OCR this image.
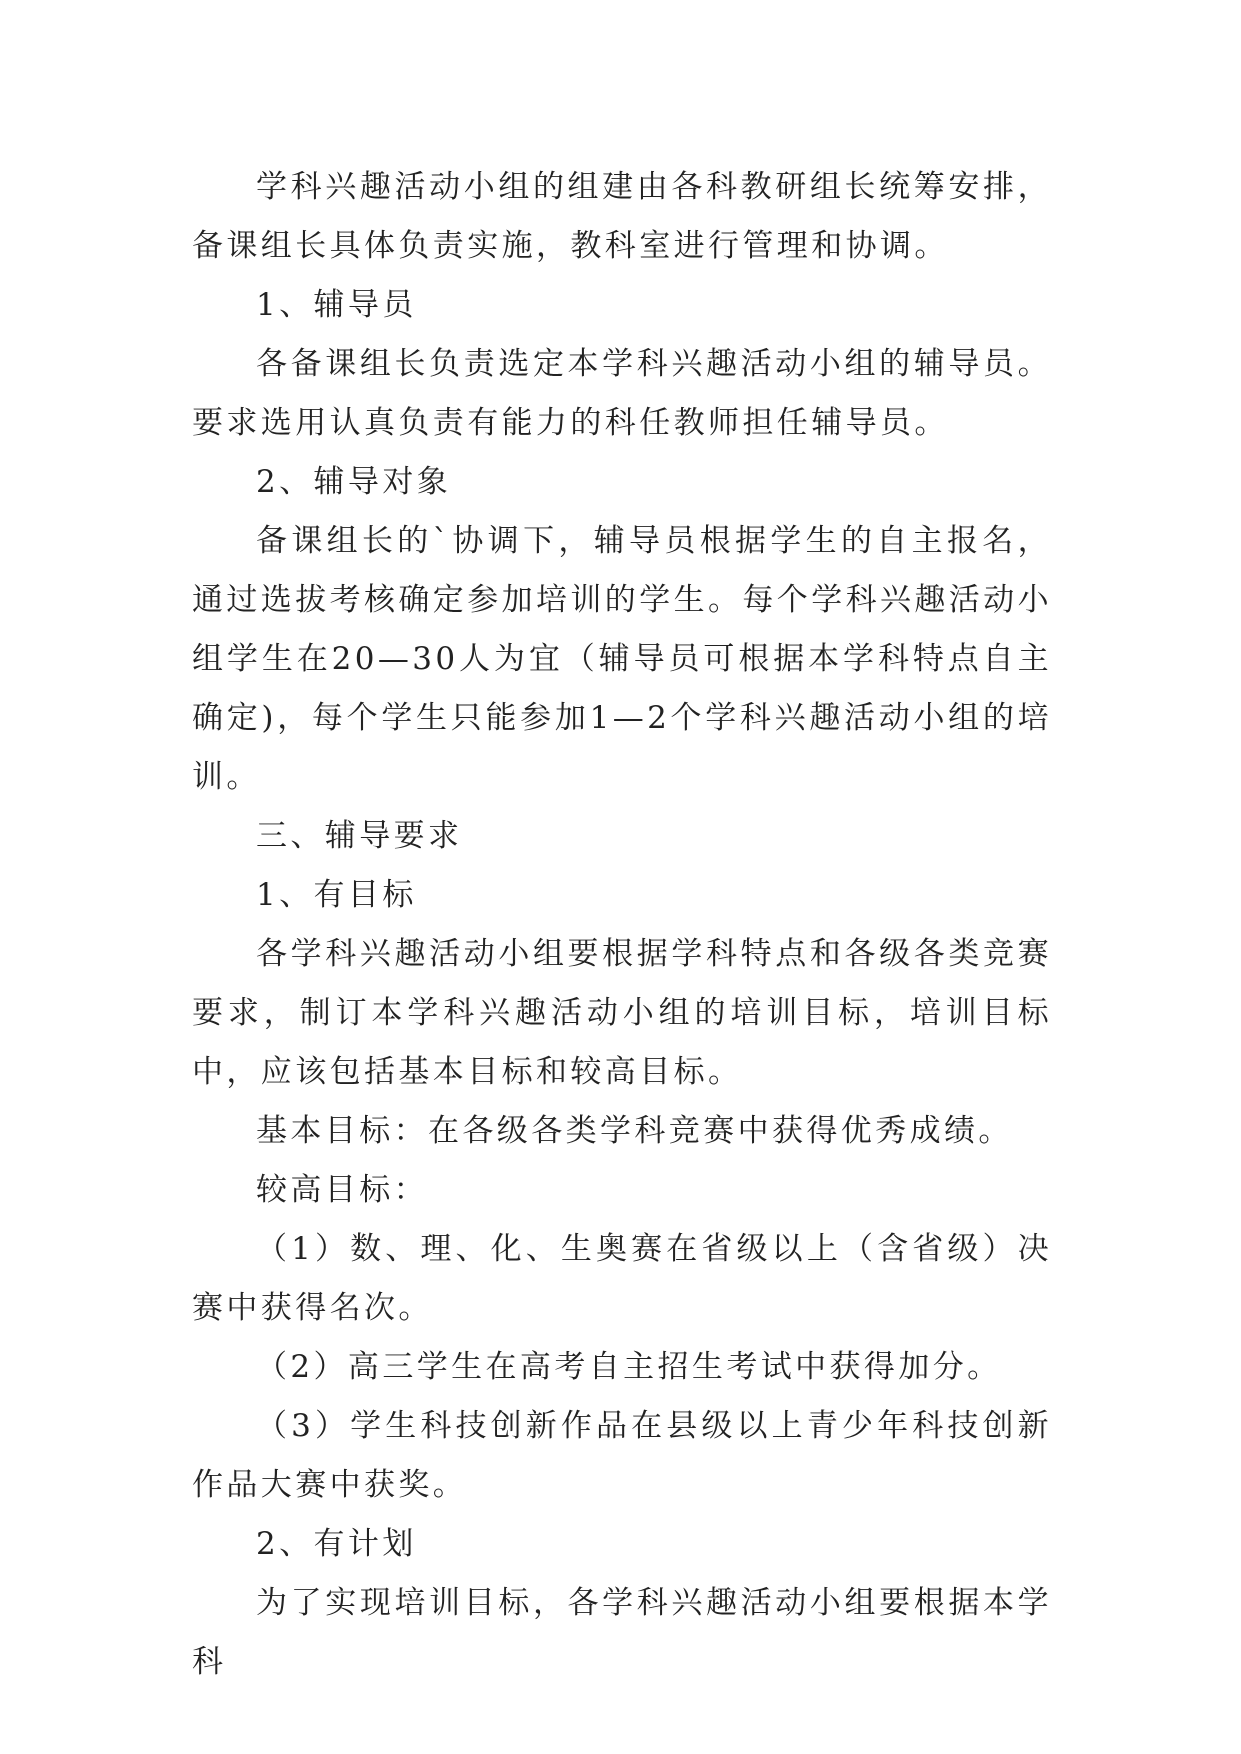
学科兴趣活动小组的组建由各科教研组长统筹安排，备课组长具体负责实施，教科室进行管理和协调。

1、辅导员

各备课组长负责选定本学科兴趣活动小组的辅导员。要求选用认真负责有能力的科任教师担任辅导员。

2、辅导对象

备课组长的`协调下，辅导员根据学生的自主报名，通过选拔考核确定参加培训的学生。每个学科兴趣活动小组学生在20—30人为宜（辅导员可根据本学科特点自主确定)，每个学生只能参加1—2个学科兴趣活动小组的培训。

三、辅导要求

1、有目标

各学科兴趣活动小组要根据学科特点和各级各类竞赛要求，制订本学科兴趣活动小组的培训目标，培训目标中，应该包括基本目标和较高目标。

基本目标：在各级各类学科竞赛中获得优秀成绩。

较高目标：

（1）数、理、化、生奥赛在省级以上（含省级）决赛中获得名次。

（2）高三学生在高考自主招生考试中获得加分。

（3）学生科技创新作品在县级以上青少年科技创新作品大赛中获奖。

2、有计划

为了实现培训目标，各学科兴趣活动小组要根据本学科
